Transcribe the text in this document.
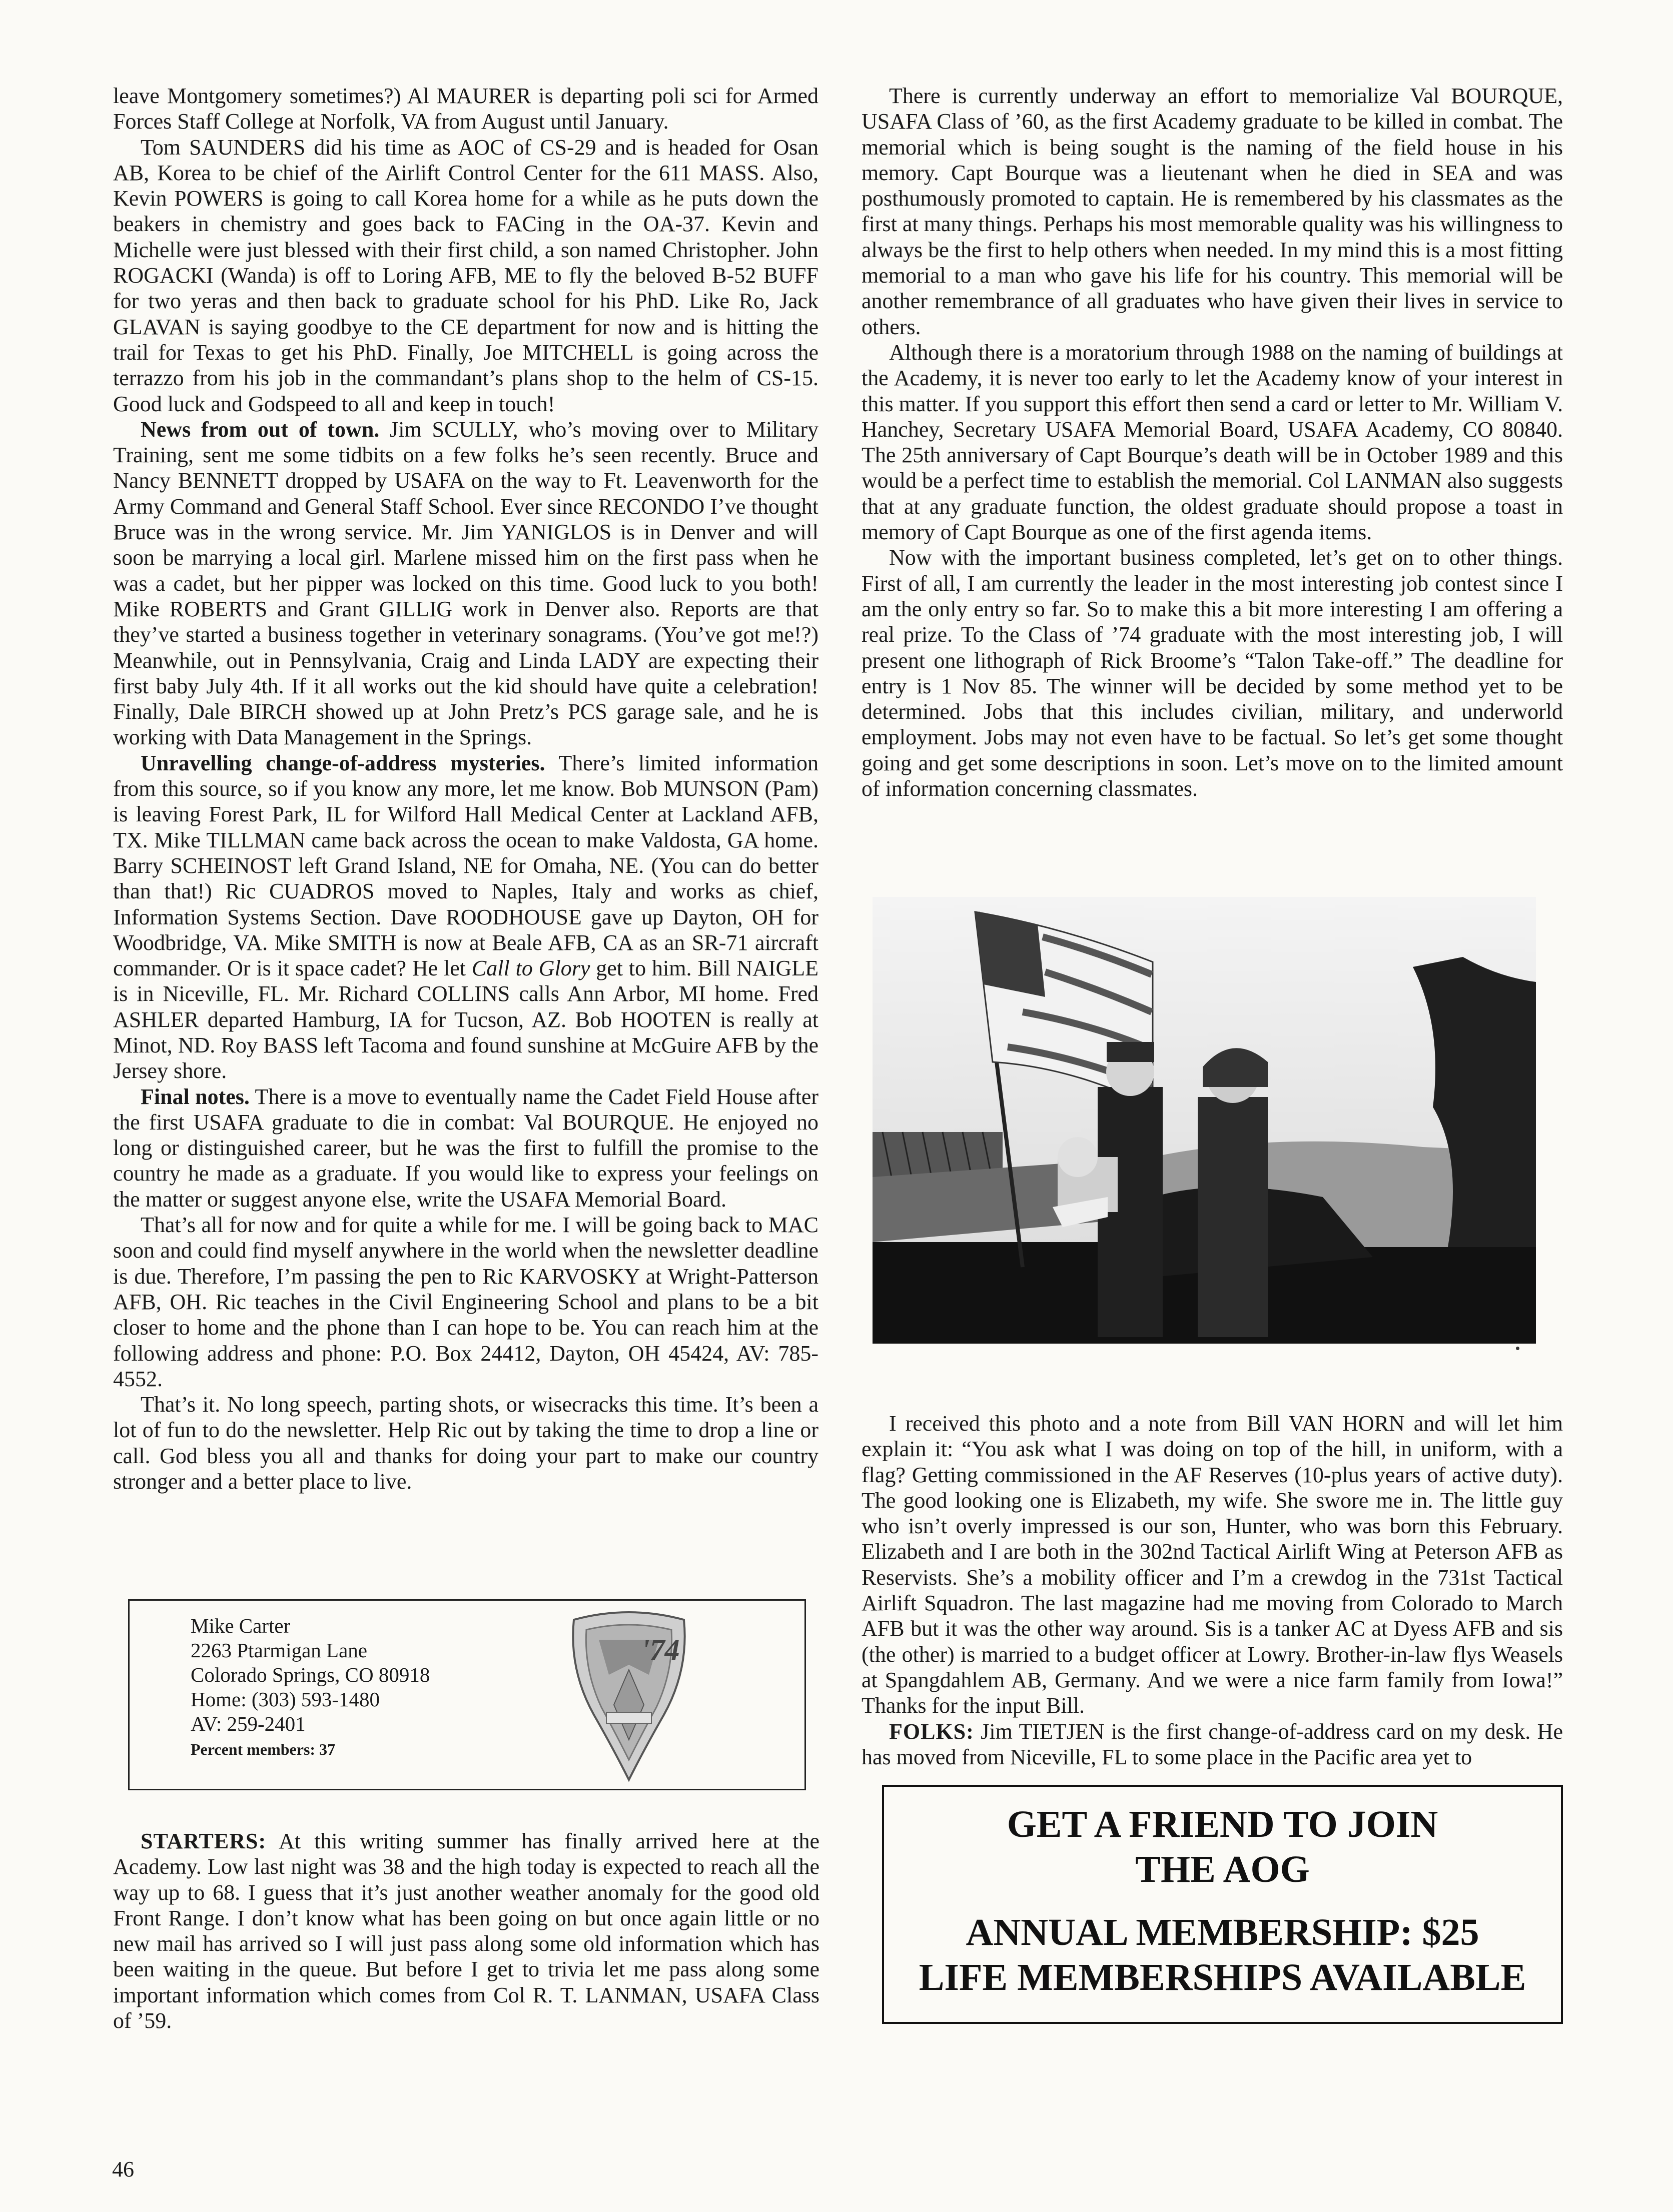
leave Montgomery sometimes?) Al MAURER is departing poli sci for Armed Forces Staff College at Norfolk, VA from August until January.

Tom SAUNDERS did his time as AOC of CS-29 and is headed for Osan AB, Korea to be chief of the Airlift Control Center for the 611 MASS. Also, Kevin POWERS is going to call Korea home for a while as he puts down the beakers in chemistry and goes back to FACing in the OA-37. Kevin and Michelle were just blessed with their first child, a son named Christopher. John ROGACKI (Wanda) is off to Loring AFB, ME to fly the beloved B-52 BUFF for two yeras and then back to graduate school for his PhD. Like Ro, Jack GLAVAN is saying goodbye to the CE department for now and is hitting the trail for Texas to get his PhD. Finally, Joe MITCHELL is going across the terrazzo from his job in the commandant’s plans shop to the helm of CS-15. Good luck and Godspeed to all and keep in touch!

News from out of town. Jim SCULLY, who’s moving over to Military Training, sent me some tidbits on a few folks he’s seen recently. Bruce and Nancy BENNETT dropped by USAFA on the way to Ft. Leavenworth for the Army Command and General Staff School. Ever since RECONDO I’ve thought Bruce was in the wrong service. Mr. Jim YANIGLOS is in Denver and will soon be marrying a local girl. Marlene missed him on the first pass when he was a cadet, but her pipper was locked on this time. Good luck to you both! Mike ROBERTS and Grant GILLIG work in Denver also. Reports are that they’ve started a business together in veterinary sonagrams. (You’ve got me!?) Meanwhile, out in Pennsylvania, Craig and Linda LADY are expecting their first baby July 4th. If it all works out the kid should have quite a celebration! Finally, Dale BIRCH showed up at John Pretz’s PCS garage sale, and he is working with Data Management in the Springs.

Unravelling change-of-address mysteries. There’s limited information from this source, so if you know any more, let me know. Bob MUNSON (Pam) is leaving Forest Park, IL for Wilford Hall Medical Center at Lackland AFB, TX. Mike TILLMAN came back across the ocean to make Valdosta, GA home. Barry SCHEINOST left Grand Island, NE for Omaha, NE. (You can do better than that!) Ric CUADROS moved to Naples, Italy and works as chief, Information Systems Section. Dave ROODHOUSE gave up Dayton, OH for Woodbridge, VA. Mike SMITH is now at Beale AFB, CA as an SR-71 aircraft commander. Or is it space cadet? He let Call to Glory get to him. Bill NAIGLE is in Niceville, FL. Mr. Richard COLLINS calls Ann Arbor, MI home. Fred ASHLER departed Hamburg, IA for Tucson, AZ. Bob HOOTEN is really at Minot, ND. Roy BASS left Tacoma and found sunshine at McGuire AFB by the Jersey shore.

Final notes. There is a move to eventually name the Cadet Field House after the first USAFA graduate to die in combat: Val BOURQUE. He enjoyed no long or distinguished career, but he was the first to fulfill the promise to the country he made as a graduate. If you would like to express your feelings on the matter or suggest anyone else, write the USAFA Memorial Board.

That’s all for now and for quite a while for me. I will be going back to MAC soon and could find myself anywhere in the world when the newsletter deadline is due. Therefore, I’m passing the pen to Ric KARVOSKY at Wright-Patterson AFB, OH. Ric teaches in the Civil Engineering School and plans to be a bit closer to home and the phone than I can hope to be. You can reach him at the following address and phone: P.O. Box 24412, Dayton, OH 45424, AV: 785-4552.

That’s it. No long speech, parting shots, or wisecracks this time. It’s been a lot of fun to do the newsletter. Help Ric out by taking the time to drop a line or call. God bless you all and thanks for doing your part to make our country stronger and a better place to live.

Mike Carter
2263 Ptarmigan Lane
Colorado Springs, CO 80918
Home: (303) 593-1480
AV: 259-2401
Percent members: 37
'74

STARTERS: At this writing summer has finally arrived here at the Academy. Low last night was 38 and the high today is expected to reach all the way up to 68. I guess that it’s just another weather anomaly for the good old Front Range. I don’t know what has been going on but once again little or no new mail has arrived so I will just pass along some old information which has been waiting in the queue. But before I get to trivia let me pass along some important information which comes from Col R. T. LANMAN, USAFA Class of ’59.

There is currently underway an effort to memorialize Val BOURQUE, USAFA Class of ’60, as the first Academy graduate to be killed in combat. The memorial which is being sought is the naming of the field house in his memory. Capt Bourque was a lieutenant when he died in SEA and was posthumously promoted to captain. He is remembered by his classmates as the first at many things. Perhaps his most memorable quality was his willingness to always be the first to help others when needed. In my mind this is a most fitting memorial to a man who gave his life for his country. This memorial will be another remembrance of all graduates who have given their lives in service to others.

Although there is a moratorium through 1988 on the naming of buildings at the Academy, it is never too early to let the Academy know of your interest in this matter. If you support this effort then send a card or letter to Mr. William V. Hanchey, Secretary USAFA Memorial Board, USAFA Academy, CO 80840. The 25th anniversary of Capt Bourque’s death will be in October 1989 and this would be a perfect time to establish the memorial. Col LANMAN also suggests that at any graduate function, the oldest graduate should propose a toast in memory of Capt Bourque as one of the first agenda items.

Now with the important business completed, let’s get on to other things. First of all, I am currently the leader in the most interesting job contest since I am the only entry so far. So to make this a bit more interesting I am offering a real prize. To the Class of ’74 graduate with the most interesting job, I will present one lithograph of Rick Broome’s “Talon Take-off.” The deadline for entry is 1 Nov 85. The winner will be decided by some method yet to be determined. Jobs that this includes civilian, military, and underworld employment. Jobs may not even have to be factual. So let’s get some thought going and get some descriptions in soon. Let’s move on to the limited amount of information concerning classmates.

I received this photo and a note from Bill VAN HORN and will let him explain it: “You ask what I was doing on top of the hill, in uniform, with a flag? Getting commissioned in the AF Reserves (10-plus years of active duty). The good looking one is Elizabeth, my wife. She swore me in. The little guy who isn’t overly impressed is our son, Hunter, who was born this February. Elizabeth and I are both in the 302nd Tactical Airlift Wing at Peterson AFB as Reservists. She’s a mobility officer and I’m a crewdog in the 731st Tactical Airlift Squadron. The last magazine had me moving from Colorado to March AFB but it was the other way around. Sis is a tanker AC at Dyess AFB and sis (the other) is married to a budget officer at Lowry. Brother-in-law flys Weasels at Spangdahlem AB, Germany. And we were a nice farm family from Iowa!” Thanks for the input Bill.

FOLKS: Jim TIETJEN is the first change-of-address card on my desk. He has moved from Niceville, FL to some place in the Pacific area yet to

GET A FRIEND TO JOIN
THE AOG
ANNUAL MEMBERSHIP: $25
LIFE MEMBERSHIPS AVAILABLE
46
